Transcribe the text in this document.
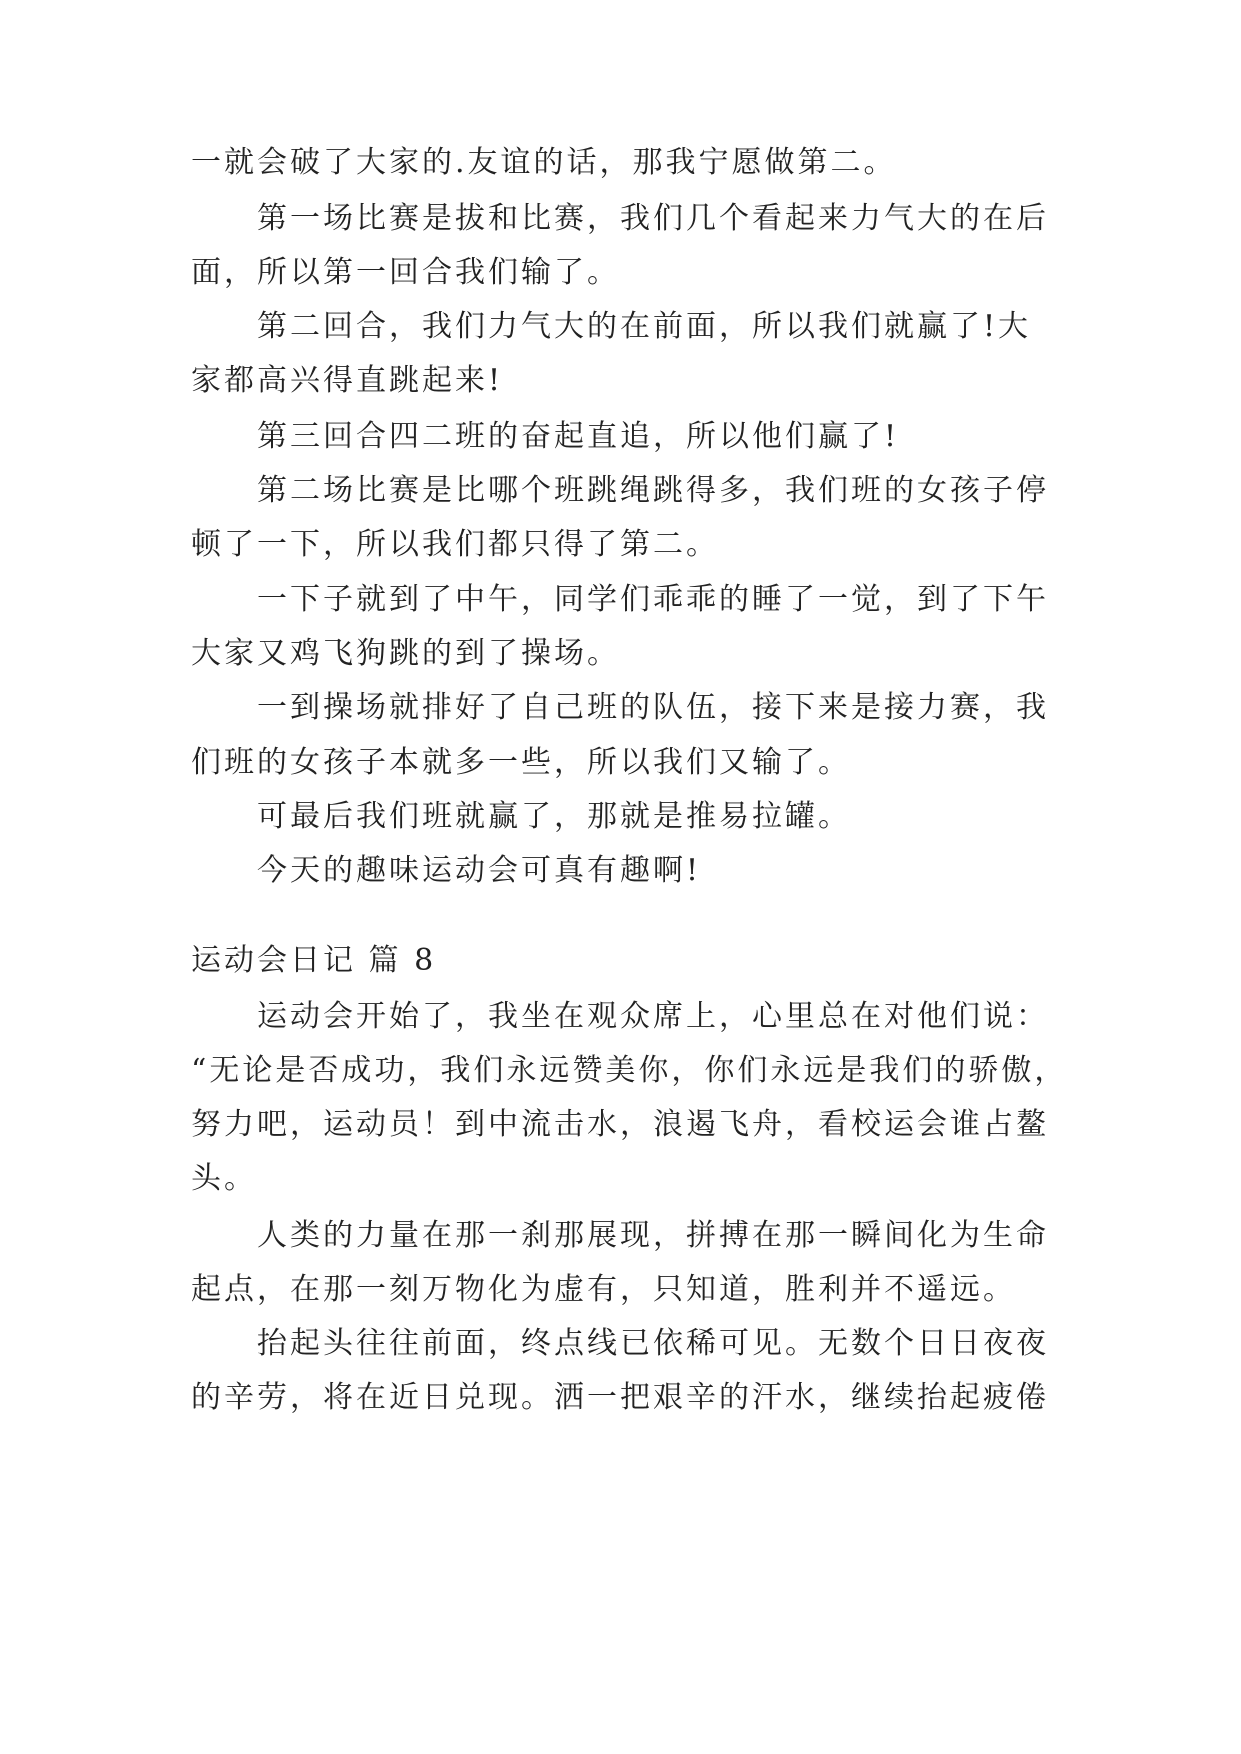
一就会破了大家的.友谊的话，那我宁愿做第二。
第一场比赛是拔和比赛，我们几个看起来力气大的在后
面，所以第一回合我们输了。
第二回合，我们力气大的在前面，所以我们就赢了!大
家都高兴得直跳起来!
第三回合四二班的奋起直追，所以他们赢了!
第二场比赛是比哪个班跳绳跳得多，我们班的女孩子停
顿了一下，所以我们都只得了第二。
一下子就到了中午，同学们乖乖的睡了一觉，到了下午
大家又鸡飞狗跳的到了操场。
一到操场就排好了自己班的队伍，接下来是接力赛，我
们班的女孩子本就多一些，所以我们又输了。
可最后我们班就赢了，那就是推易拉罐。
今天的趣味运动会可真有趣啊!
运动会日记 篇 8
运动会开始了，我坐在观众席上，心里总在对他们说：
“无论是否成功，我们永远赞美你，你们永远是我们的骄傲，
努力吧，运动员！到中流击水，浪遏飞舟，看校运会谁占鳌
头。
人类的力量在那一刹那展现，拼搏在那一瞬间化为生命
起点，在那一刻万物化为虚有，只知道，胜利并不遥远。
抬起头往往前面，终点线已依稀可见。无数个日日夜夜
的辛劳，将在近日兑现。洒一把艰辛的汗水，继续抬起疲倦
